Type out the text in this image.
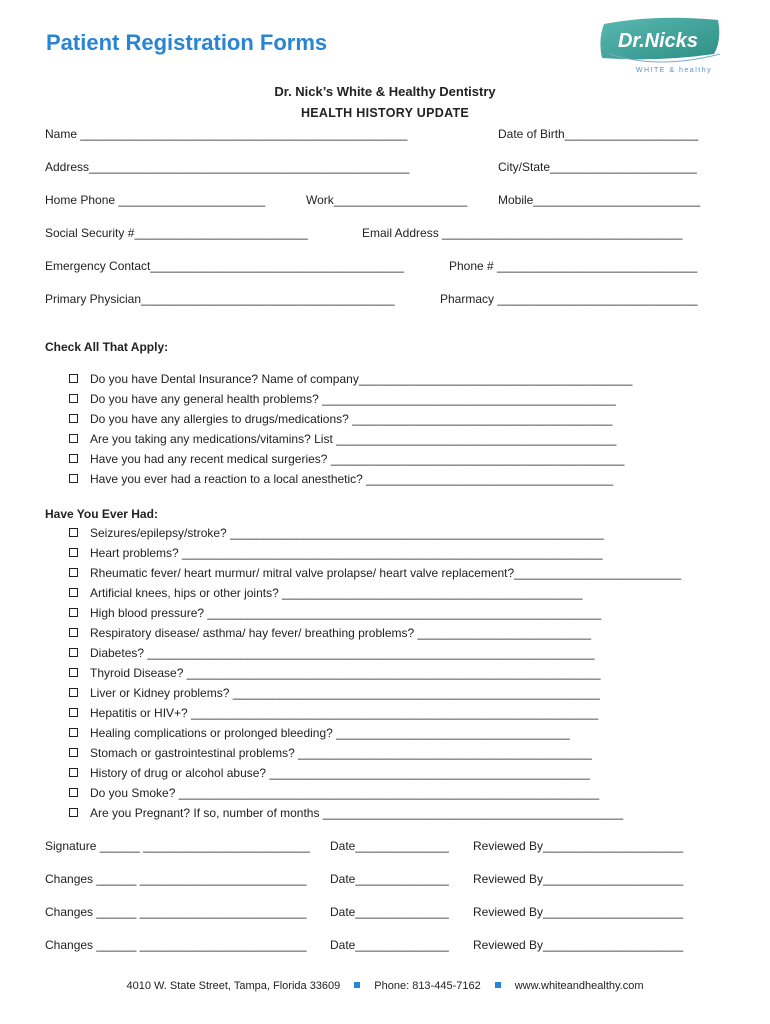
Patient Registration Forms	Dr.Nicks
WHITE & healthy
Dr. Nick’s White & Healthy Dentistry
HEALTH HISTORY UPDATE
Name _________________________________________________	Date of Birth____________________
Address________________________________________________	City/State______________________
Home Phone ______________________	Work____________________	Mobile_________________________
Social Security #__________________________	Email Address ____________________________________
Emergency Contact______________________________________	Phone # ______________________________
Primary Physician______________________________________	Pharmacy ______________________________
Check All That Apply:
Do you have Dental Insurance? Name of company_________________________________________
Do you have any general health problems? ____________________________________________
Do you have any allergies to drugs/medications? _______________________________________
Are you taking any medications/vitamins? List __________________________________________
Have you had any recent medical surgeries? ____________________________________________
Have you ever had a reaction to a local anesthetic? _____________________________________
Have You Ever Had:
Seizures/epilepsy/stroke? ________________________________________________________
Heart problems? _______________________________________________________________
Rheumatic fever/ heart murmur/ mitral valve prolapse/ heart valve replacement?_________________________
Artificial knees, hips or other joints? _____________________________________________
High blood pressure? ___________________________________________________________
Respiratory disease/ asthma/ hay fever/ breathing problems? __________________________
Diabetes? ___________________________________________________________________
Thyroid Disease? ______________________________________________________________
Liver or Kidney problems? _______________________________________________________
Hepatitis or HIV+? _____________________________________________________________
Healing complications or prolonged bleeding? ___________________________________
Stomach or gastrointestinal problems? ____________________________________________
History of drug or alcohol abuse? ________________________________________________
Do you Smoke? _______________________________________________________________
Are you Pregnant? If so, number of months _____________________________________________
Signature ______ _________________________ Date______________ Reviewed By_____________________
Changes ______ _________________________ Date______________ Reviewed By_____________________
Changes ______ _________________________ Date______________ Reviewed By_____________________
Changes ______ _________________________ Date______________ Reviewed By_____________________
4010 W. State Street, Tampa, Florida 33609	Phone: 813-445-7162	www.whiteandhealthy.com
